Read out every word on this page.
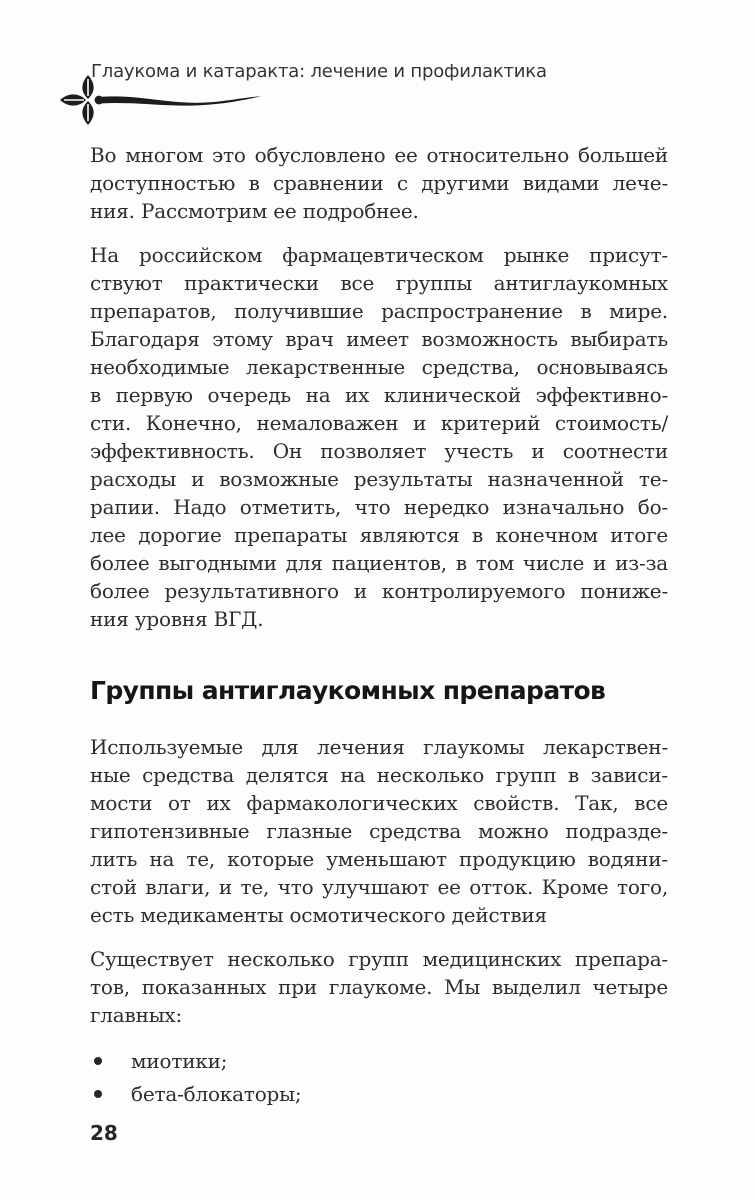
Глаукома и катаракта: лечение и профилактика
Во многом это обусловлено ее относительно большей
доступностью в сравнении с другими видами лече-
ния. Рассмотрим ее подробнее.
На российском фармацевтическом рынке присут-
ствуют практически все группы антиглаукомных
препаратов, получившие распространение в мире.
Благодаря этому врач имеет возможность выбирать
необходимые лекарственные средства, основываясь
в первую очередь на их клинической эффективно-
сти. Конечно, немаловажен и критерий стоимость/
эффективность. Он позволяет учесть и соотнести
расходы и возможные результаты назначенной те-
рапии. Надо отметить, что нередко изначально бо-
лее дорогие препараты являются в конечном итоге
более выгодными для пациентов, в том числе и из-за
более результативного и контролируемого пониже-
ния уровня ВГД.
Группы антиглаукомных препаратов
Используемые для лечения глаукомы лекарствен-
ные средства делятся на несколько групп в зависи-
мости от их фармакологических свойств. Так, все
гипотензивные глазные средства можно подразде-
лить на те, которые уменьшают продукцию водяни-
стой влаги, и те, что улучшают ее отток. Кроме того,
есть медикаменты осмотического действия
Существует несколько групп медицинских препара-
тов, показанных при глаукоме. Мы выделил четыре
главных:
миотики;
бета-блокаторы;
28
